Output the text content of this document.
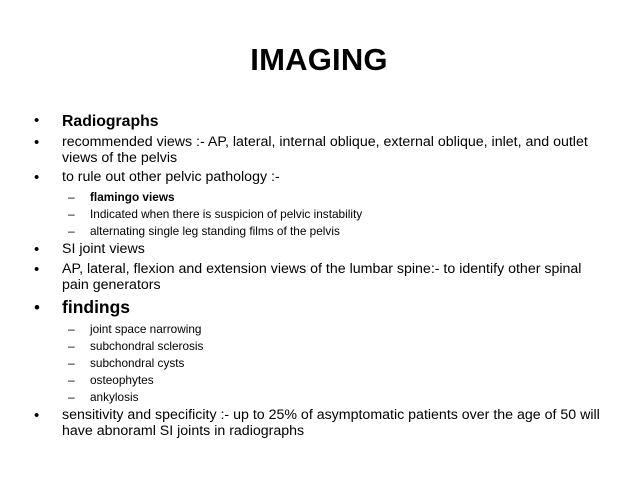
IMAGING
•	Radiographs
•	recommended views :- AP, lateral, internal oblique, external oblique, inlet, and outlet views of the pelvis
•	to rule out other pelvic pathology :-
–	flamingo views
–	Indicated when there is suspicion of pelvic instability
–	alternating single leg standing films of the pelvis
•	SI joint views
•	AP, lateral, flexion and extension views of the lumbar spine:- to identify other spinal pain generators
•	findings
–	joint space narrowing
–	subchondral sclerosis
–	subchondral cysts
–	osteophytes
–	ankylosis
•	sensitivity and specificity :- up to 25% of asymptomatic patients over the age of 50 will have abnoraml SI joints in radiographs
